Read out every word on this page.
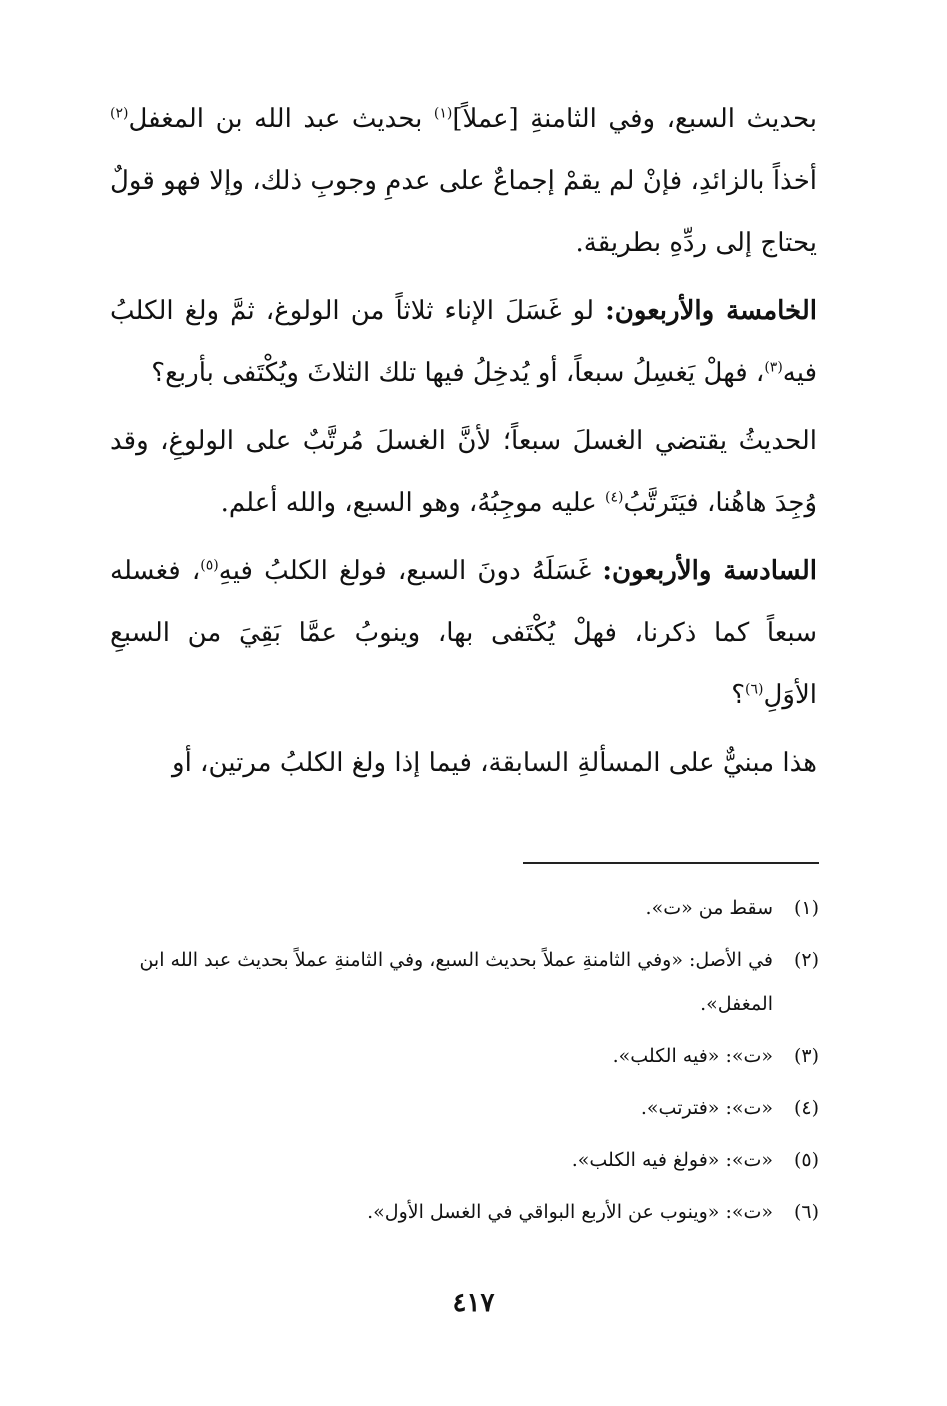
بحديث السبع، وفي الثامنةِ [عملاً]$^{(١)}$ بحديث عبد الله بن المغفل$^{(٢)}$ أخذاً بالزائدِ، فإنْ لم يقمْ إجماعٌ على عدمِ وجوبِ ذلك، وإلا فهو قولٌ يحتاج إلى ردِّهِ بطريقة.

الخامسة والأربعون: لو غَسَلَ الإناء ثلاثاً من الولوغ، ثمَّ ولغ الكلبُ فيه$^{(٣)}$، فهلْ يَغسِلُ سبعاً، أو يُدخِلُ فيها تلك الثلاثَ ويُكْتَفى بأربع؟

الحديثُ يقتضي الغسلَ سبعاً؛ لأنَّ الغسلَ مُرتَّبٌ على الولوغِ، وقد وُجِدَ هاهُنا، فيَتَرتَّبُ$^{(٤)}$ عليه موجِبُهُ، وهو السبع، والله أعلم.

السادسة والأربعون: غَسَلَهُ دونَ السبع، فولغ الكلبُ فيهِ$^{(٥)}$، فغسله سبعاً كما ذكرنا، فهلْ يُكْتَفى بها، وينوبُ عمَّا بَقِيَ من السبعِ الأوَلِ$^{(٦)}$؟

هذا مبنيٌّ على المسألةِ السابقة، فيما إذا ولغ الكلبُ مرتين، أو

(١)
سقط من «ت».
(٢)
في الأصل: «وفي الثامنةِ عملاً بحديث السبع، وفي الثامنةِ عملاً بحديث عبد الله ابن المغفل».
(٣)
«ت»: «فيه الكلب».
(٤)
«ت»: «فترتب».
(٥)
«ت»: «فولغ فيه الكلب».
(٦)
«ت»: «وينوب عن الأربع البواقي في الغسل الأول».
٤١٧
